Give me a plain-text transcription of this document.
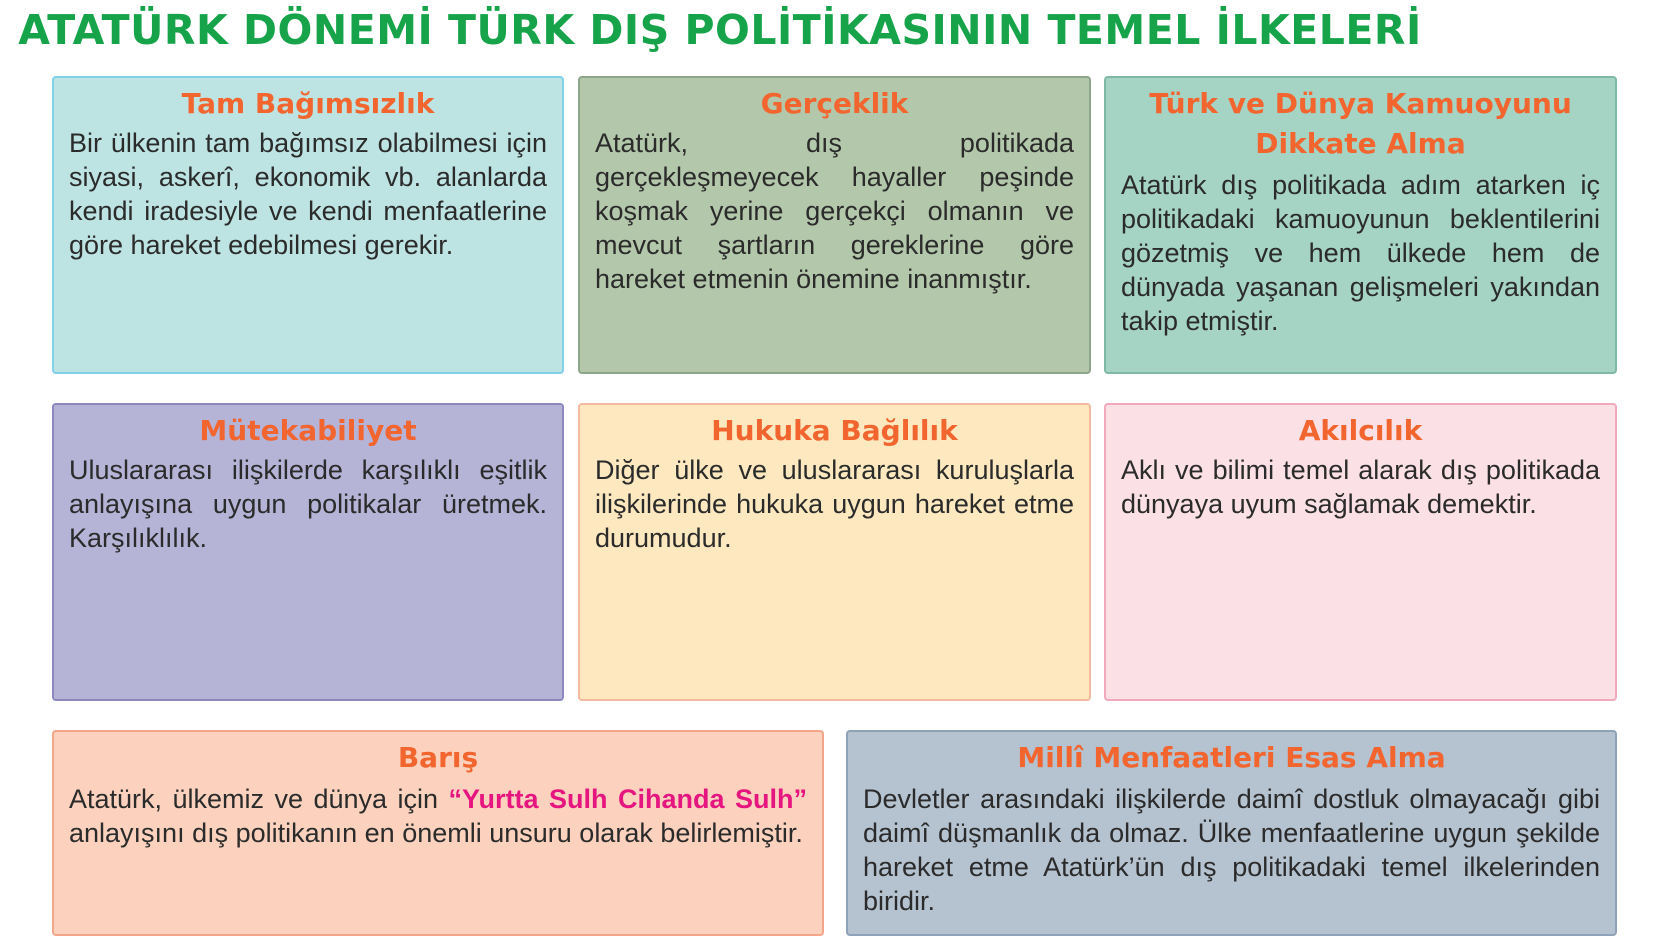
ATATÜRK DÖNEMİ TÜRK DIŞ POLİTİKASININ TEMEL İLKELERİ
Tam Bağımsızlık

Bir ülkenin tam bağımsız olabilmesi için siyasi, askerî, ekonomik vb. alanlarda kendi iradesiyle ve kendi menfaatlerine göre hareket edebilmesi gerekir.

Gerçeklik

Atatürk, dış politikada gerçekleşmeyecek hayaller peşinde koşmak yerine gerçekçi olmanın ve mevcut şartların gereklerine göre hareket etmenin önemine inanmıştır.

Türk ve Dünya Kamuoyunu Dikkate Alma

Atatürk dış politikada adım atarken iç politikadaki kamuoyunun beklentilerini gözetmiş ve hem ülkede hem de dünyada yaşanan gelişmeleri yakından takip etmiştir.

Mütekabiliyet

Uluslararası ilişkilerde karşılıklı eşitlik anlayışına uygun politikalar üretmek. Karşılıklılık.

Hukuka Bağlılık

Diğer ülke ve uluslararası kuruluşlarla ilişkilerinde hukuka uygun hareket etme durumudur.

Akılcılık

Aklı ve bilimi temel alarak dış politikada dünyaya uyum sağlamak demektir.

Barış

Atatürk, ülkemiz ve dünya için “Yurtta Sulh Cihanda Sulh” anlayışını dış politikanın en önemli unsuru olarak belirlemiştir.

Millî Menfaatleri Esas Alma

Devletler arasındaki ilişkilerde daimî dostluk olmayacağı gibi daimî düşmanlık da olmaz. Ülke menfaatlerine uygun şekilde hareket etme Atatürk’ün dış politikadaki temel ilkelerinden biridir.
